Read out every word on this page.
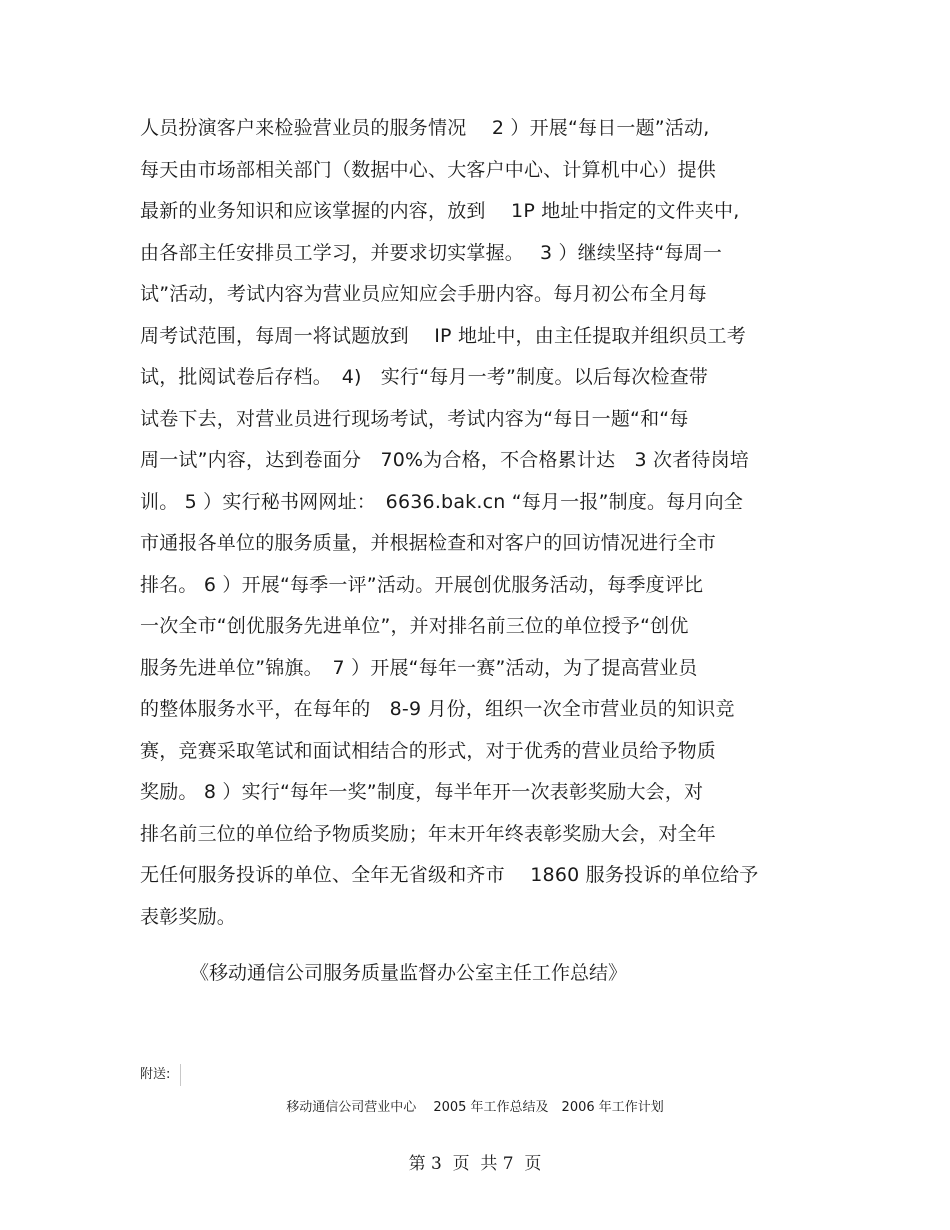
人员扮演客户来检验营业员的服务情况　 2 ）开展“每日一题”活动,
每天由市场部相关部门（数据中心、大客户中心、计算机中心）提供
最新的业务知识和应该掌握的内容，放到　 1P 地址中指定的文件夹中,
由各部主任安排员工学习，并要求切实掌握。　 3 ）继续坚持“每周一
试”活动，考试内容为营业员应知应会手册内容。每月初公布全月每
周考试范围，每周一将试题放到　 IP 地址中，由主任提取并组织员工考
试，批阅试卷后存档。　4)　实行“每月一考”制度。以后每次检查带
试卷下去，对营业员进行现场考试，考试内容为“每日一题“和“每
周一试”内容，达到卷面分　70%为合格，不合格累计达　3 次者待岗培
训。 5 ）实行秘书网网址：　6636.bak.cn “每月一报”制度。每月向全
市通报各单位的服务质量，并根据检查和对客户的回访情况进行全市
排名。 6 ）开展“每季一评”活动。开展创优服务活动，每季度评比
一次全市“创优服务先进单位”，并对排名前三位的单位授予“创优
服务先进单位”锦旗。　7 ）开展“每年一赛”活动，为了提高营业员
的整体服务水平，在每年的　8-9 月份，组织一次全市营业员的知识竞
赛，竞赛采取笔试和面试相结合的形式，对于优秀的营业员给予物质
奖励。 8 ）实行“每年一奖”制度，每半年开一次表彰奖励大会，对
排名前三位的单位给予物质奖励；年末开年终表彰奖励大会，对全年
无任何服务投诉的单位、全年无省级和齐市　 1860 服务投诉的单位给予
表彰奖励。
《移动通信公司服务质量监督办公室主任工作总结》
附送:
移动通信公司营业中心　 2005 年工作总结及　2006 年工作计划
第 3  页  共 7  页
